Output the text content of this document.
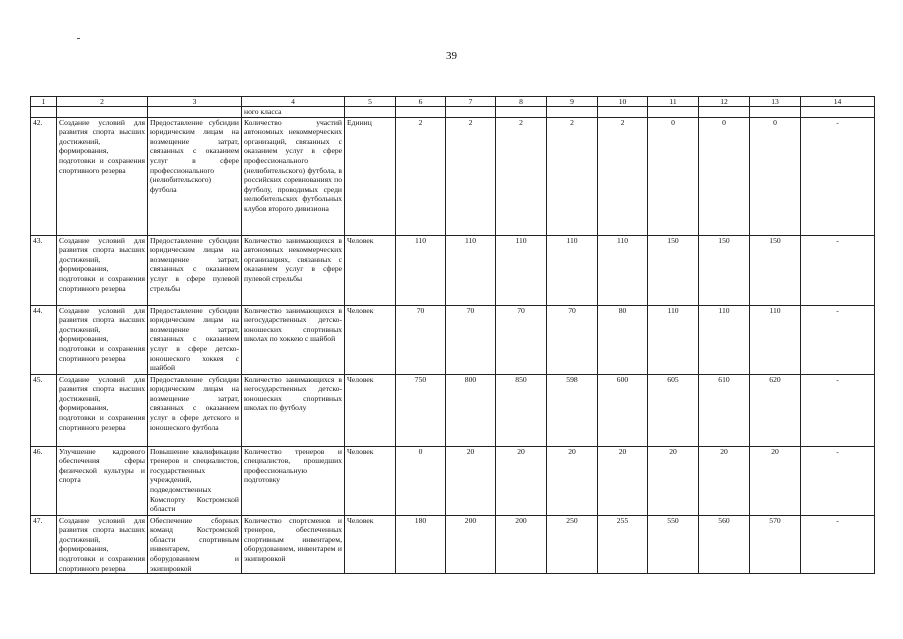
39
1	2	3	4	5	6	7	8	9	10	11	12	13	14
			ного класса										
42.	Создание условий для развития спорта высших достижений, формирования, подготовки и сохранения спортивного резерва	Предоставление субсидии юридическим лицам на возмещение затрат, связанных с оказанием услуг в сфере профессионального (нелюбительского) футбола	Количество участий автономных некоммерческих организаций, связанных с оказанием услуг в сфере профессионального (нелюбительского) футбола, в российских соревнованиях по футболу, проводимых среди нелюбительских футбольных клубов второго дивизиона	Единиц	2	2	2	2	2	0	0	0	-
43.	Создание условий для развития спорта высших достижений, формирования, подготовки и сохранения спортивного резерва	Предоставление субсидии юридическим лицам на возмещение затрат, связанных с оказанием услуг в сфере пулевой стрельбы	Количество занимающихся в автономных некоммерческих организациях, связанных с оказанием услуг в сфере пулевой стрельбы	Человек	110	110	110	110	110	150	150	150	-
44.	Создание условий для развития спорта высших достижений, формирования, подготовки и сохранения спортивного резерва	Предоставление субсидии юридическим лицам на возмещение затрат, связанных с оказанием услуг в сфере детско-юношеского хоккея с шайбой	Количество занимающихся в негосударственных детско-юношеских спортивных школах по хоккею с шайбой	Человек	70	70	70	70	80	110	110	110	-
45.	Создание условий для развития спорта высших достижений, формирования, подготовки и сохранения спортивного резерва	Предоставление субсидии юридическим лицам на возмещение затрат, связанных с оказанием услуг в сфере детского и юношеского футбола	Количество занимающихся в негосударственных детско-юношеских спортивных школах по футболу	Человек	750	800	850	598	600	605	610	620	-
46.	Улучшение кадрового обеспечения сферы физической культуры и спорта	Повышение квалификации тренеров и специалистов, государственных учреждений, подведомственных Комспорту Костромской области	Количество тренеров и специалистов, прошедших профессиональную подготовку	Человек	0	20	20	20	20	20	20	20	-
47.	Создание условий для развития спорта высших достижений, формирования, подготовки и сохранения спортивного резерва	Обеспечение сборных команд Костромской области спортивным инвентарем, оборудованием и экипировкой	Количество спортсменов и тренеров, обеспеченных спортивным инвентарем, оборудованием, инвентарем и экипировкой	Человек	180	200	200	250	255	550	560	570	-
